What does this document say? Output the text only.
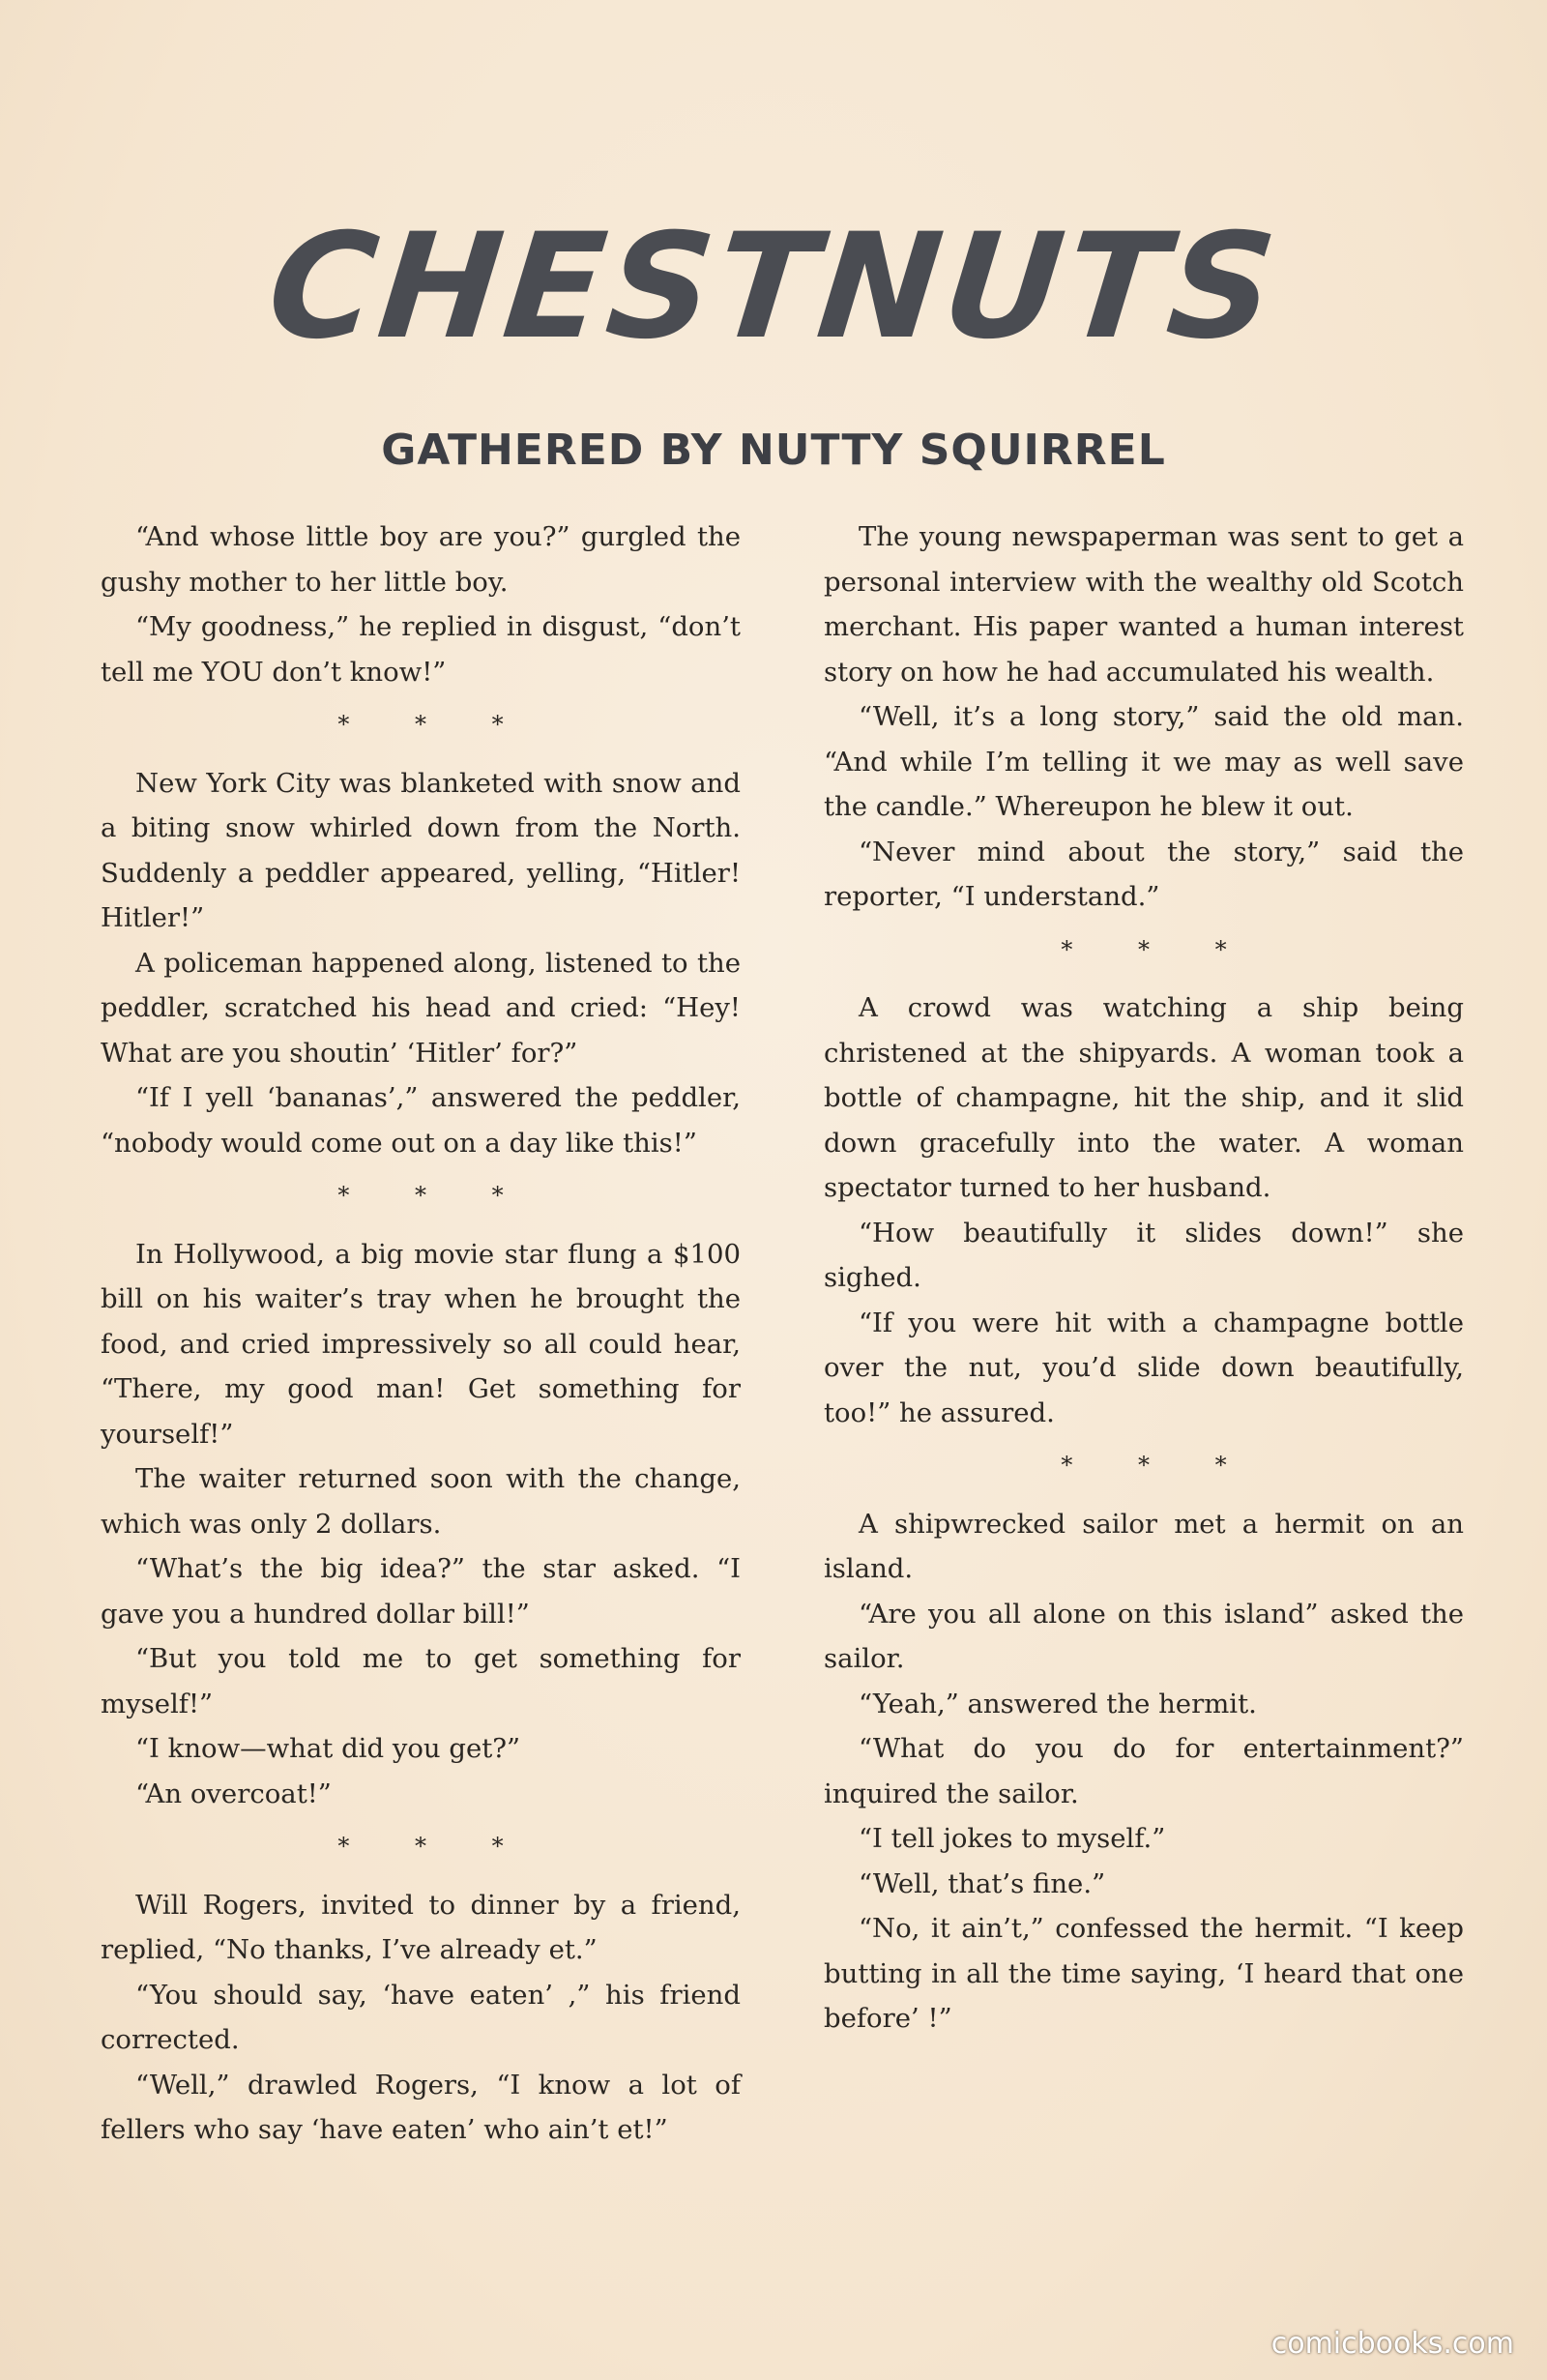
CHESTNUTS
GATHERED BY NUTTY SQUIRREL

“And whose little boy are you?” gurgled the gushy mother to her little boy.

“My goodness,” he replied in disgust, “don’t tell me YOU don’t know!”

* * *

New York City was blanketed with snow and a biting snow whirled down from the North. Suddenly a peddler appeared, yelling, “Hitler! Hitler!”

A policeman happened along, listened to the peddler, scratched his head and cried: “Hey! What are you shoutin’ ‘Hitler’ for?”

“If I yell ‘bananas’,” answered the peddler, “nobody would come out on a day like this!”

* * *

In Hollywood, a big movie star flung a $100 bill on his waiter’s tray when he brought the food, and cried impressively so all could hear, “There, my good man! Get something for yourself!”

The waiter returned soon with the change, which was only 2 dollars.

“What’s the big idea?” the star asked. “I gave you a hundred dollar bill!”

“But you told me to get something for myself!”

“I know—what did you get?”

“An overcoat!”

* * *

Will Rogers, invited to dinner by a friend, replied, “No thanks, I’ve already et.”

“You should say, ‘have eaten’ ,” his friend corrected.

“Well,” drawled Rogers, “I know a lot of fellers who say ‘have eaten’ who ain’t et!”

The young newspaperman was sent to get a personal interview with the wealthy old Scotch merchant. His paper wanted a human interest story on how he had accumulated his wealth.

“Well, it’s a long story,” said the old man. “And while I’m telling it we may as well save the candle.” Whereupon he blew it out.

“Never mind about the story,” said the reporter, “I understand.”

* * *

A crowd was watching a ship being christened at the shipyards. A woman took a bottle of champagne, hit the ship, and it slid down gracefully into the water. A woman spectator turned to her husband.

“How beautifully it slides down!” she sighed.

“If you were hit with a champagne bottle over the nut, you’d slide down beautifully, too!” he assured.

* * *

A shipwrecked sailor met a hermit on an island.

“Are you all alone on this island” asked the sailor.

“Yeah,” answered the hermit.

“What do you do for entertainment?” inquired the sailor.

“I tell jokes to myself.”

“Well, that’s fine.”

“No, it ain’t,” confessed the hermit. “I keep butting in all the time saying, ‘I heard that one before’ !”

comicbooks.com
